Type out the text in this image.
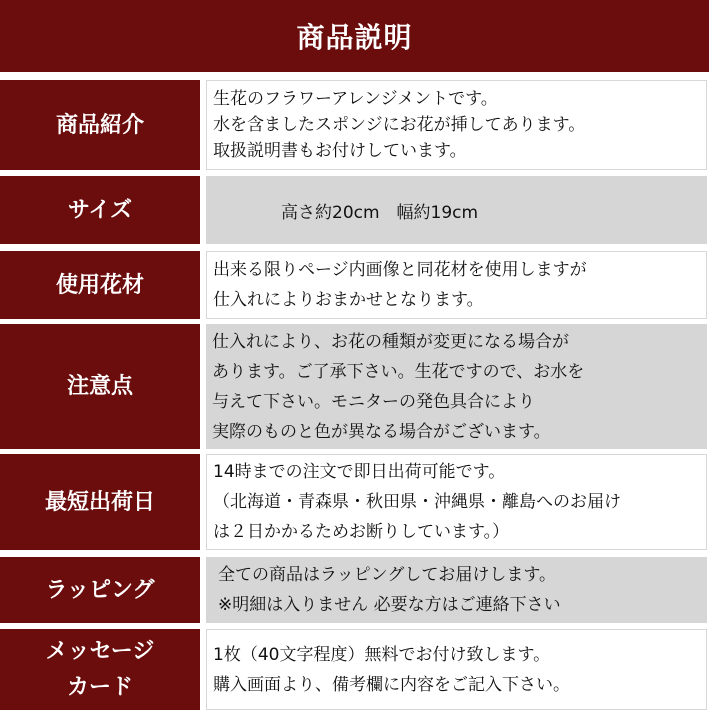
商品説明
商品紹介
生花のフラワーアレンジメントです。
水を含ましたスポンジにお花が挿してあります。
取扱説明書もお付けしています。
サイズ	高さ約20cm　幅約19cm
使用花材
出来る限りページ内画像と同花材を使用しますが
仕入れによりおまかせとなります。
注意点
仕入れにより、お花の種類が変更になる場合が
あります。ご了承下さい。生花ですので、お水を
与えて下さい。モニターの発色具合により
実際のものと色が異なる場合がございます。
最短出荷日
14時までの注文で即日出荷可能です。
（北海道・青森県・秋田県・沖縄県・離島へのお届け
は２日かかるためお断りしています。）
ラッピング
全ての商品はラッピングしてお届けします。
※明細は入りません 必要な方はご連絡下さい
メッセージ
カード
1枚（40文字程度）無料でお付け致します。
購入画面より、備考欄に内容をご記入下さい。
